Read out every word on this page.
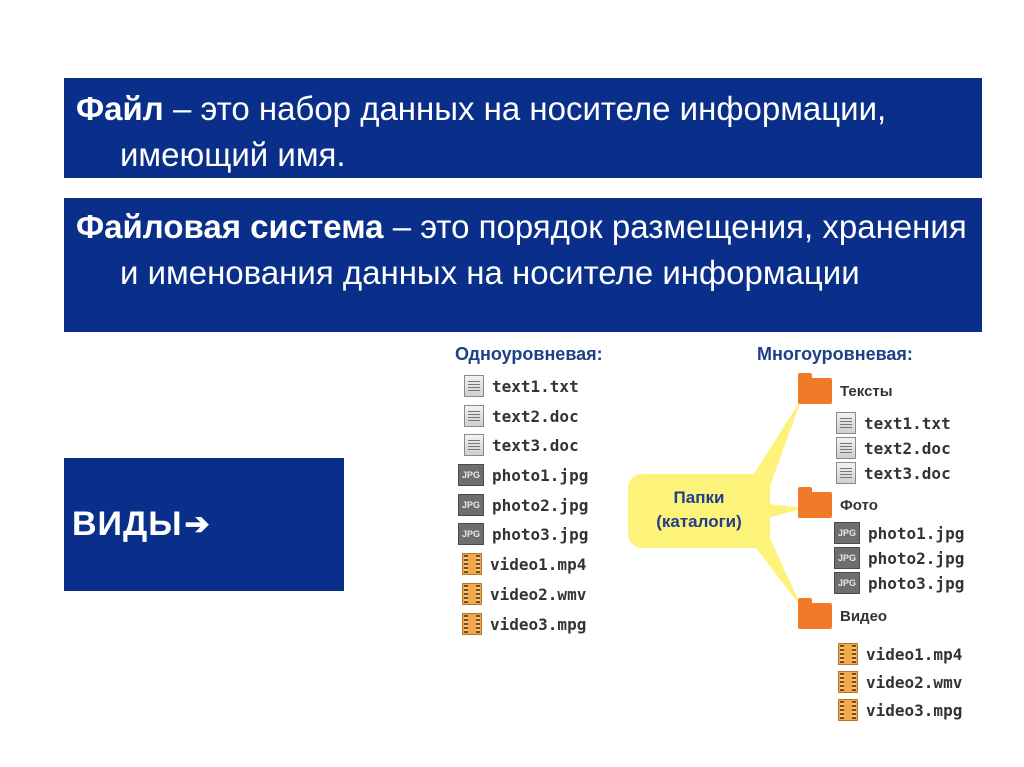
Файл – это набор данных на носителе информации, имеющий имя.

Файловая система – это порядок размещения, хранения и именования данных на носителе информации

ВИДЫ ➔
Одноуровневая:	Многоуровневая:
Папки
(каталоги)
text1.txt
text2.doc
text3.doc
JPG photo1.jpg
JPG photo2.jpg
JPG photo3.jpg
video1.mp4
video2.wmv
video3.mpg
Тексты
text1.txt
text2.doc
text3.doc
Фото
JPG photo1.jpg
JPG photo2.jpg
JPG photo3.jpg
Видео
video1.mp4
video2.wmv
video3.mpg
